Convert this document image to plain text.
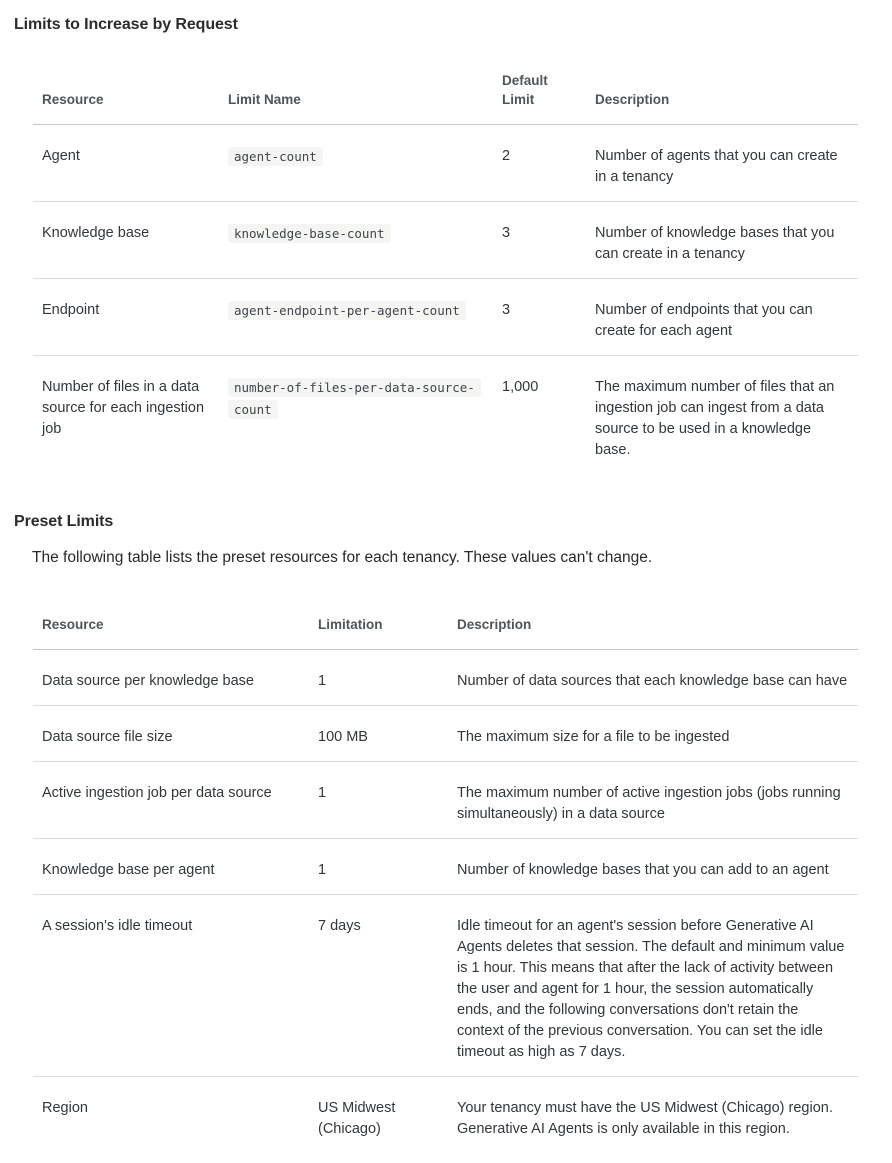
Limits to Increase by Request
Resource	Limit Name	Default Limit	Description
Agent	agent-count	2	Number of agents that you can create in a tenancy
Knowledge base	knowledge-base-count	3	Number of knowledge bases that you can create in a tenancy
Endpoint	agent-endpoint-per-agent-count	3	Number of endpoints that you can create for each agent
Number of files in a data source for each ingestion job	number-of-files-per-data-source-count	1,000	The maximum number of files that an ingestion job can ingest from a data source to be used in a knowledge base.
Preset Limits

The following table lists the preset resources for each tenancy. These values can't change.

Resource	Limitation	Description
Data source per knowledge base	1	Number of data sources that each knowledge base can have
Data source file size	100 MB	The maximum size for a file to be ingested
Active ingestion job per data source	1	The maximum number of active ingestion jobs (jobs running simultaneously) in a data source
Knowledge base per agent	1	Number of knowledge bases that you can add to an agent
A session's idle timeout	7 days	Idle timeout for an agent's session before Generative AI Agents deletes that session. The default and minimum value is 1 hour. This means that after the lack of activity between the user and agent for 1 hour, the session automatically ends, and the following conversations don't retain the context of the previous conversation. You can set the idle timeout as high as 7 days.
Region	US Midwest (Chicago)	Your tenancy must have the US Midwest (Chicago) region. Generative AI Agents is only available in this region.
